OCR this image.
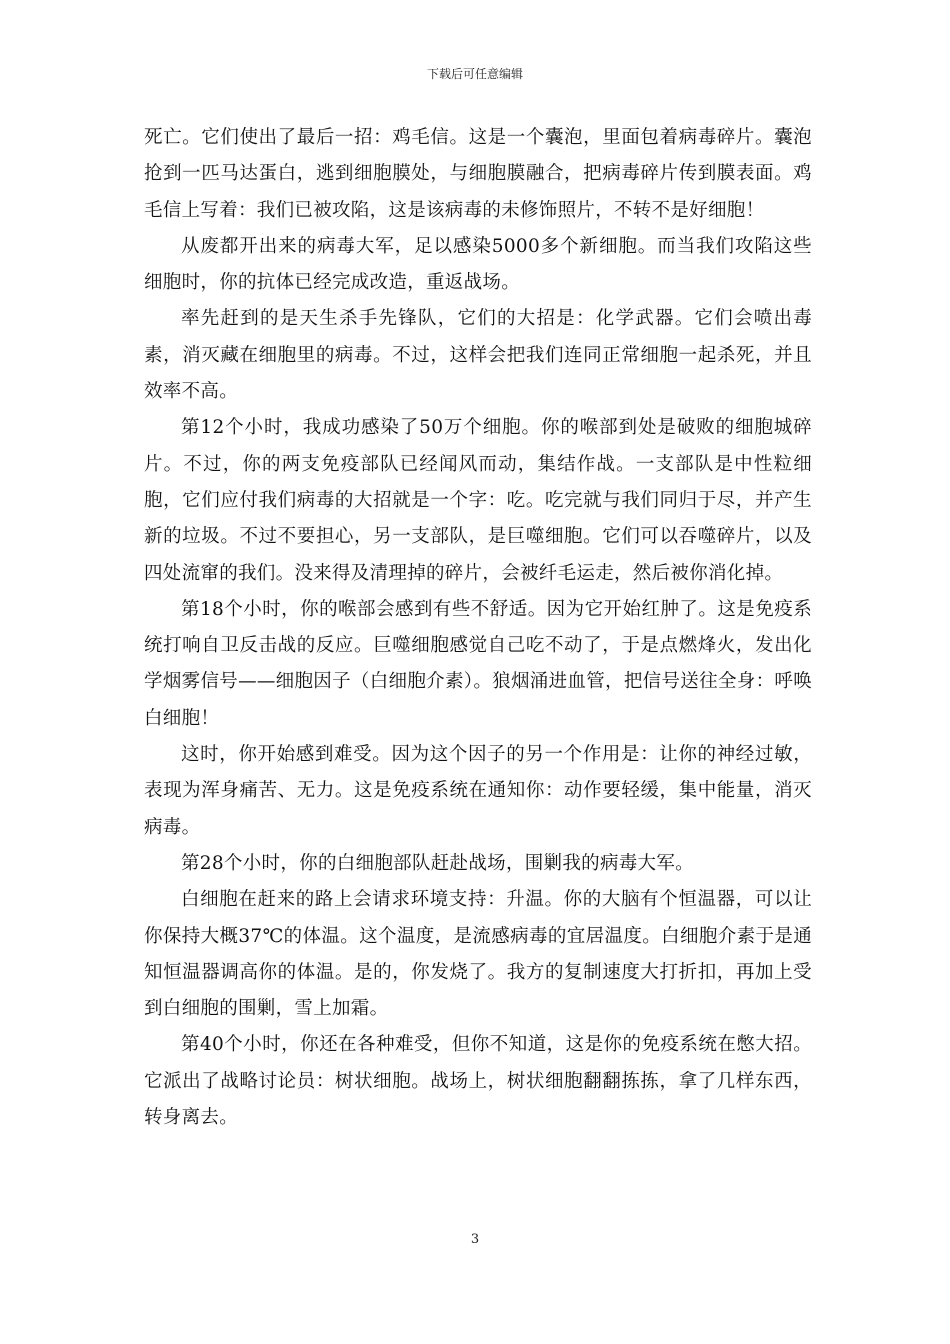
下载后可任意编辑

死亡。它们使出了最后一招：鸡毛信。这是一个囊泡，里面包着病毒碎片。囊泡抢到一匹马达蛋白，逃到细胞膜处，与细胞膜融合，把病毒碎片传到膜表面。鸡毛信上写着：我们已被攻陷，这是该病毒的未修饰照片，不转不是好细胞！

从废都开出来的病毒大军，足以感染5000多个新细胞。而当我们攻陷这些细胞时，你的抗体已经完成改造，重返战场。

率先赶到的是天生杀手先锋队，它们的大招是：化学武器。它们会喷出毒素，消灭藏在细胞里的病毒。不过，这样会把我们连同正常细胞一起杀死，并且效率不高。

第12个小时，我成功感染了50万个细胞。你的喉部到处是破败的细胞城碎片。不过，你的两支免疫部队已经闻风而动，集结作战。一支部队是中性粒细胞，它们应付我们病毒的大招就是一个字：吃。吃完就与我们同归于尽，并产生新的垃圾。不过不要担心，另一支部队，是巨噬细胞。它们可以吞噬碎片，以及四处流窜的我们。没来得及清理掉的碎片，会被纤毛运走，然后被你消化掉。

第18个小时，你的喉部会感到有些不舒适。因为它开始红肿了。这是免疫系统打响自卫反击战的反应。巨噬细胞感觉自己吃不动了，于是点燃烽火，发出化学烟雾信号——细胞因子（白细胞介素）。狼烟涌进血管，把信号送往全身：呼唤白细胞！

这时，你开始感到难受。因为这个因子的另一个作用是：让你的神经过敏，表现为浑身痛苦、无力。这是免疫系统在通知你：动作要轻缓，集中能量，消灭病毒。

第28个小时，你的白细胞部队赶赴战场，围剿我的病毒大军。

白细胞在赶来的路上会请求环境支持：升温。你的大脑有个恒温器，可以让你保持大概37℃的体温。这个温度，是流感病毒的宜居温度。白细胞介素于是通知恒温器调高你的体温。是的，你发烧了。我方的复制速度大打折扣，再加上受到白细胞的围剿，雪上加霜。

第40个小时，你还在各种难受，但你不知道，这是你的免疫系统在憋大招。它派出了战略讨论员：树状细胞。战场上，树状细胞翻翻拣拣，拿了几样东西，转身离去。

3
